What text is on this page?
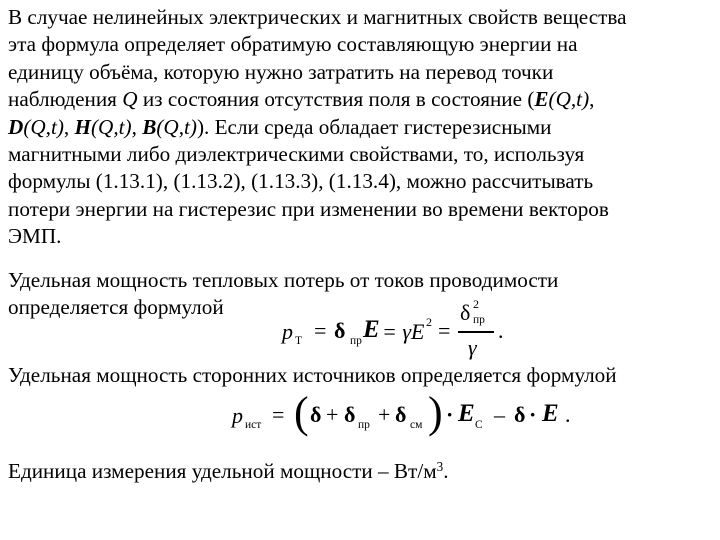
В случае нелинейных электрических и магнитных свойств вещества
эта формула определяет обратимую составляющую энергии на
единицу объёма, которую нужно затратить на перевод точки
наблюдения Q из состояния отсутствия поля в состояние (E(Q,t),
D(Q,t), H(Q,t), B(Q,t)). Если среда обладает гистерезисными
магнитными либо диэлектрическими свойствами, то, используя
формулы (1.13.1), (1.13.2), (1.13.3), (1.13.4), можно рассчитывать
потери энергии на гистерезис при изменении во времени векторов
ЭМП.
Удельная мощность тепловых потерь от токов проводимости
определяется формулой
p Т = δ пр E = γE 2 =
δ 2
пр
γ
.
Удельная мощность сторонних источников определяется формулой
p ист = ( δ + δ пр + δ см ) · E С – δ · E .
Единица измерения удельной мощности – $Вт/м^3$.
